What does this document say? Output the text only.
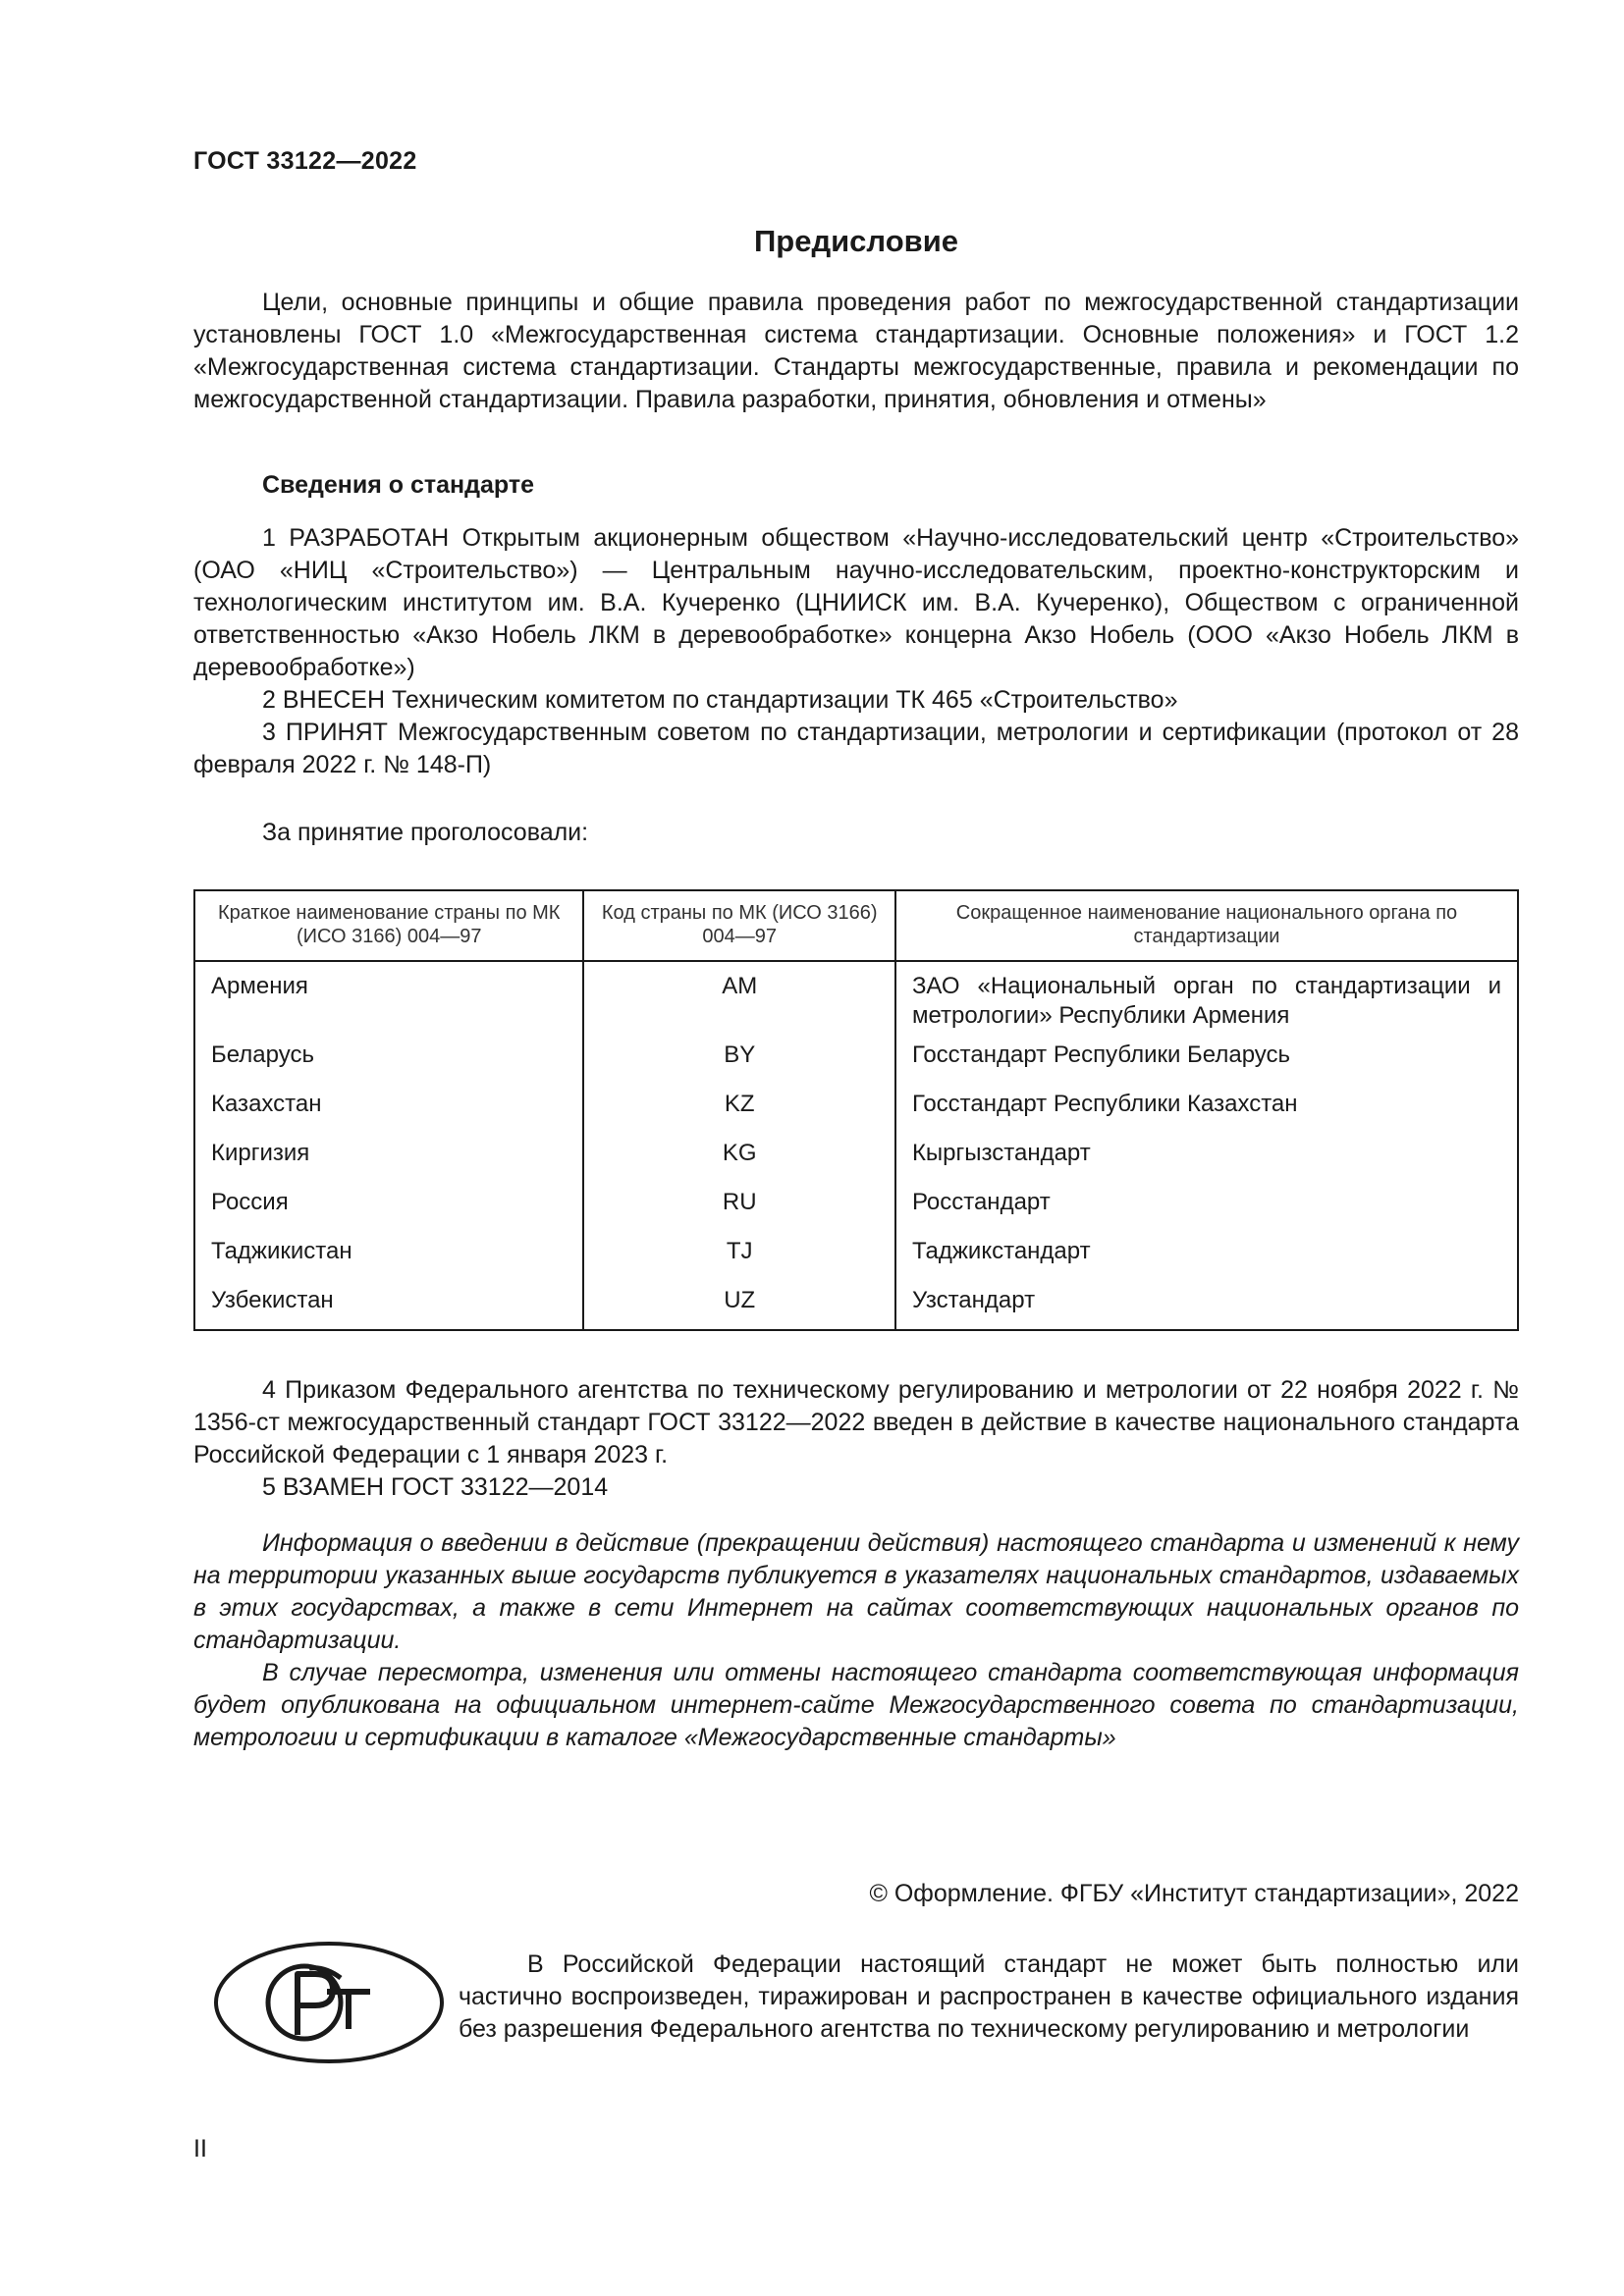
ГОСТ 33122—2022
Предисловие

Цели, основные принципы и общие правила проведения работ по межгосударственной стандартизации установлены ГОСТ 1.0 «Межгосударственная система стандартизации. Основные положения» и ГОСТ 1.2 «Межгосударственная система стандартизации. Стандарты межгосударственные, правила и рекомендации по межгосударственной стандартизации. Правила разработки, принятия, обновления и отмены»

Сведения о стандарте

1 РАЗРАБОТАН Открытым акционерным обществом «Научно-исследовательский центр «Строительство» (ОАО «НИЦ «Строительство») — Центральным научно-исследовательским, проектно-конструкторским и технологическим институтом им. В.А. Кучеренко (ЦНИИСК им. В.А. Кучеренко), Обществом с ограниченной ответственностью «Акзо Нобель ЛКМ в деревообработке» концерна Акзо Нобель (ООО «Акзо Нобель ЛКМ в деревообработке»)

2 ВНЕСЕН Техническим комитетом по стандартизации ТК 465 «Строительство»

3 ПРИНЯТ Межгосударственным советом по стандартизации, метрологии и сертификации (протокол от 28 февраля 2022 г. № 148-П)

За принятие проголосовали:
Краткое наименование страны по МК (ИСО 3166) 004—97	Код страны по МК (ИСО 3166) 004—97	Сокращенное наименование национального органа по стандартизации
Армения	AM	ЗАО «Национальный орган по стандартизации и метрологии» Республики Армения
Беларусь	BY	Госстандарт Республики Беларусь
Казахстан	KZ	Госстандарт Республики Казахстан
Киргизия	KG	Кыргызстандарт
Россия	RU	Росстандарт
Таджикистан	TJ	Таджикстандарт
Узбекистан	UZ	Узстандарт

4 Приказом Федерального агентства по техническому регулированию и метрологии от 22 ноября 2022 г. № 1356-ст межгосударственный стандарт ГОСТ 33122—2022 введен в действие в качестве национального стандарта Российской Федерации с 1 января 2023 г.

5 ВЗАМЕН ГОСТ 33122—2014

Информация о введении в действие (прекращении действия) настоящего стандарта и изменений к нему на территории указанных выше государств публикуется в указателях национальных стандартов, издаваемых в этих государствах, а также в сети Интернет на сайтах соответствующих национальных органов по стандартизации.

В случае пересмотра, изменения или отмены настоящего стандарта соответствующая информация будет опубликована на официальном интернет-сайте Межгосударственного совета по стандартизации, метрологии и сертификации в каталоге «Межгосударственные стандарты»

© Оформление. ФГБУ «Институт стандартизации», 2022

В Российской Федерации настоящий стандарт не может быть полностью или частично воспроизведен, тиражирован и распространен в качестве официального издания без разрешения Федерального агентства по техническому регулированию и метрологии

II
